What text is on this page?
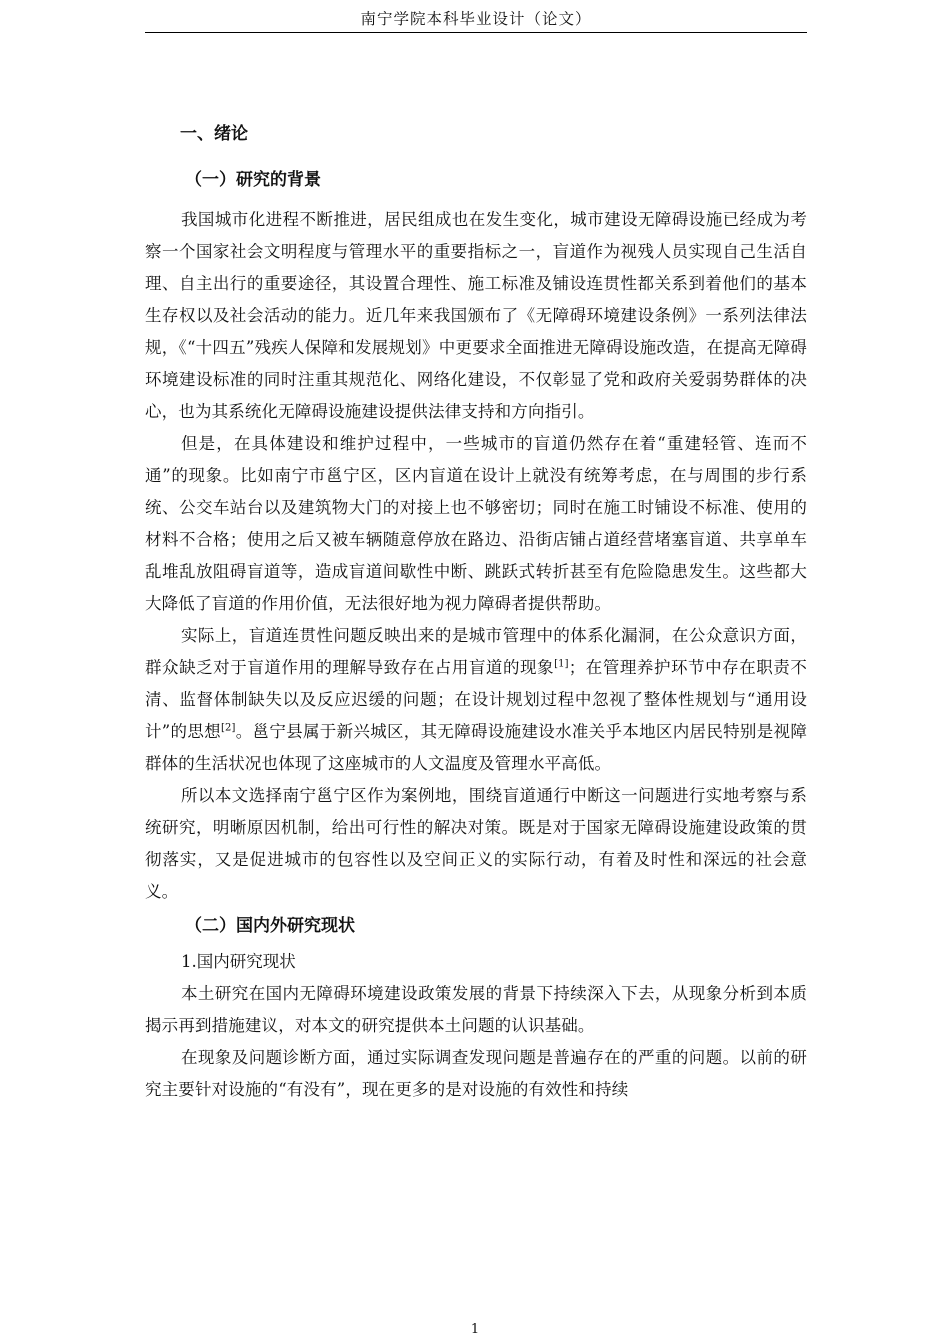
南宁学院本科毕业设计（论文）
一、绪论
（一）研究的背景

我国城市化进程不断推进，居民组成也在发生变化，城市建设无障碍设施已经成为考察一个国家社会文明程度与管理水平的重要指标之一，盲道作为视残人员实现自己生活自理、自主出行的重要途径，其设置合理性、施工标准及铺设连贯性都关系到着他们的基本生存权以及社会活动的能力。近几年来我国颁布了《无障碍环境建设条例》一系列法律法规，《“十四五”残疾人保障和发展规划》中更要求全面推进无障碍设施改造，在提高无障碍环境建设标准的同时注重其规范化、网络化建设，不仅彰显了党和政府关爱弱势群体的决心，也为其系统化无障碍设施建设提供法律支持和方向指引。

但是，在具体建设和维护过程中，一些城市的盲道仍然存在着“重建轻管、连而不通”的现象。比如南宁市邕宁区，区内盲道在设计上就没有统筹考虑，在与周围的步行系统、公交车站台以及建筑物大门的对接上也不够密切；同时在施工时铺设不标准、使用的材料不合格；使用之后又被车辆随意停放在路边、沿街店铺占道经营堵塞盲道、共享单车乱堆乱放阻碍盲道等，造成盲道间歇性中断、跳跃式转折甚至有危险隐患发生。这些都大大降低了盲道的作用价值，无法很好地为视力障碍者提供帮助。

实际上，盲道连贯性问题反映出来的是城市管理中的体系化漏洞，在公众意识方面，群众缺乏对于盲道作用的理解导致存在占用盲道的现象[1]；在管理养护环节中存在职责不清、监督体制缺失以及反应迟缓的问题；在设计规划过程中忽视了整体性规划与“通用设计”的思想[2]。邕宁县属于新兴城区，其无障碍设施建设水准关乎本地区内居民特别是视障群体的生活状况也体现了这座城市的人文温度及管理水平高低。

所以本文选择南宁邕宁区作为案例地，围绕盲道通行中断这一问题进行实地考察与系统研究，明晰原因机制，给出可行性的解决对策。既是对于国家无障碍设施建设政策的贯彻落实，又是促进城市的包容性以及空间正义的实际行动，有着及时性和深远的社会意义。

（二）国内外研究现状
1.国内研究现状

本土研究在国内无障碍环境建设政策发展的背景下持续深入下去，从现象分析到本质揭示再到措施建议，对本文的研究提供本土问题的认识基础。

在现象及问题诊断方面，通过实际调查发现问题是普遍存在的严重的问题。以前的研究主要针对设施的“有没有”，现在更多的是对设施的有效性和持续

1
